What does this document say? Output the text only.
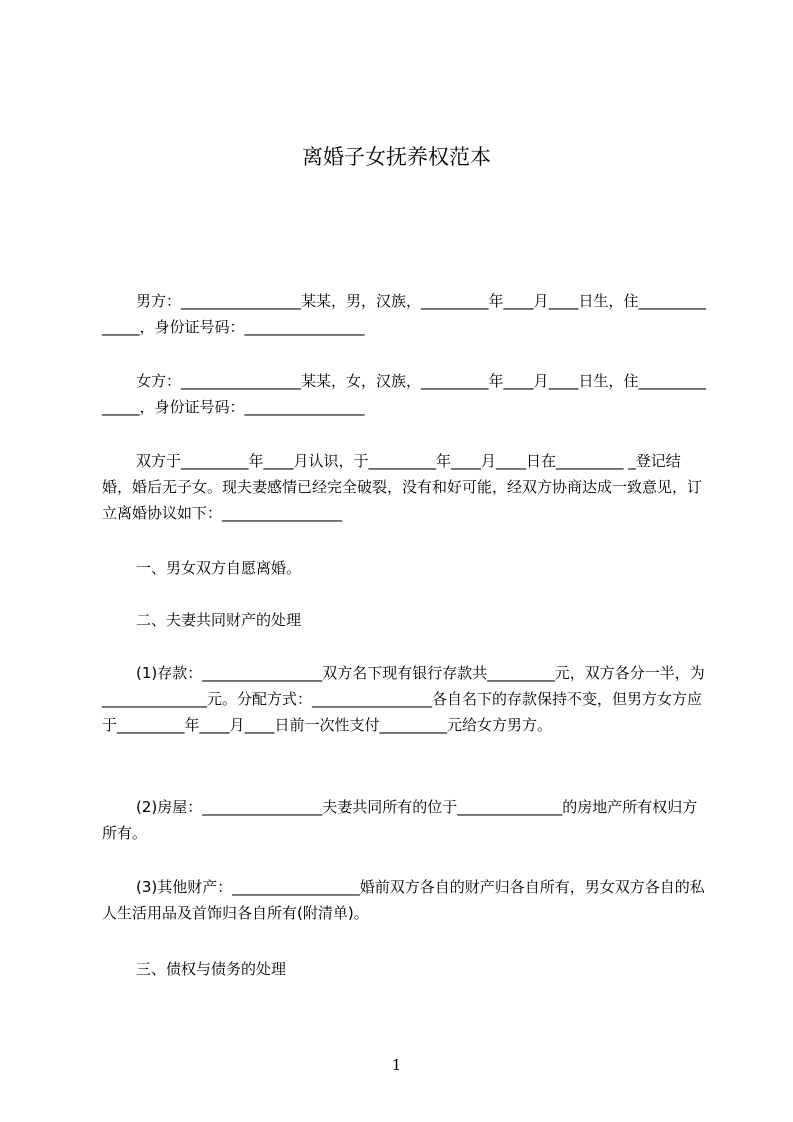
离婚子女抚养权范本

男方：________________某某，男，汉族，_________年____月____日生，住______________，身份证号码：________________

女方：________________某某，女，汉族，_________年____月____日生，住______________，身份证号码：________________

双方于_________年____月认识，于_________年____月____日在_________ _登记结婚，婚后无子女。现夫妻感情已经完全破裂，没有和好可能，经双方协商达成一致意见，订立离婚协议如下：________________

一、男女双方自愿离婚。

二、夫妻共同财产的处理

(1)存款：________________双方名下现有银行存款共_________元，双方各分一半，为______________元。分配方式：________________各自名下的存款保持不变，但男方女方应于_________年____月____日前一次性支付_________元给女方男方。

(2)房屋：________________夫妻共同所有的位于______________的房地产所有权归方所有。

(3)其他财产：_________________婚前双方各自的财产归各自所有，男女双方各自的私人生活用品及首饰归各自所有(附清单)。

三、债权与债务的处理

1
